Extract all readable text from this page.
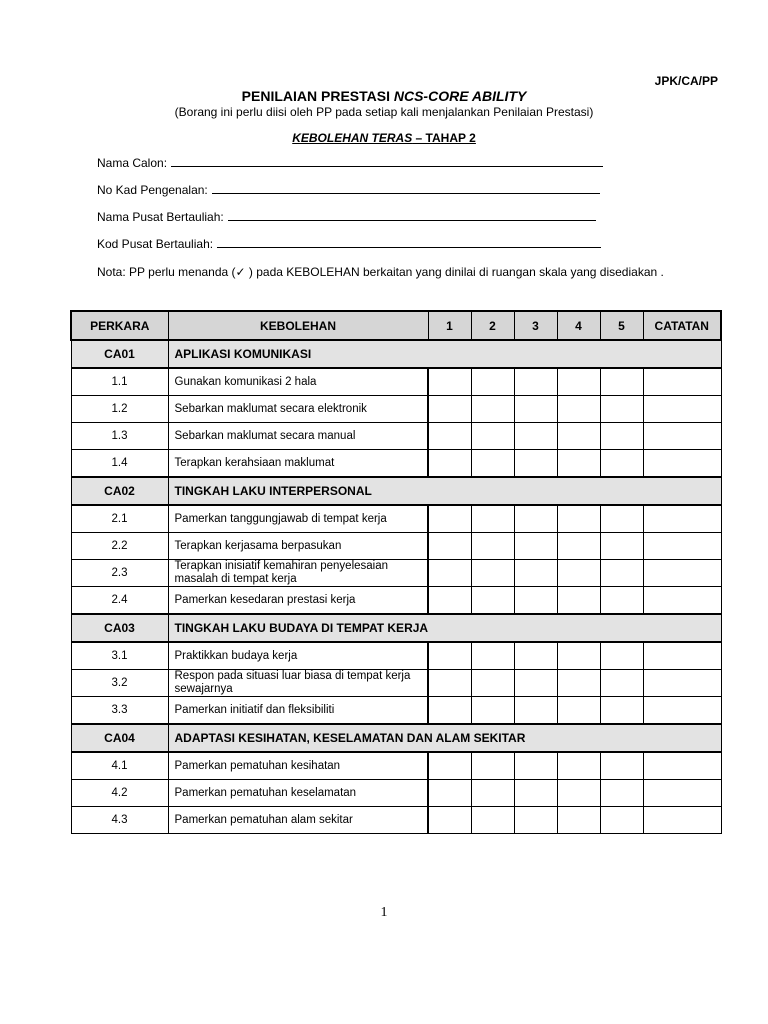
JPK/CA/PP
PENILAIAN PRESTASI NCS-CORE ABILITY
(Borang ini perlu diisi oleh PP pada setiap kali menjalankan Penilaian Prestasi)
KEBOLEHAN TERAS – TAHAP 2
Nama Calon:
No Kad Pengenalan:
Nama Pusat Bertauliah:
Kod Pusat Bertauliah:
Nota: PP perlu menanda (✓ ) pada KEBOLEHAN berkaitan yang dinilai di ruangan skala yang disediakan .
PERKARA	KEBOLEHAN	1	2	3	4	5	CATATAN
CA01	APLIKASI KOMUNIKASI						
1.1	Gunakan komunikasi 2 hala						
1.2	Sebarkan maklumat secara elektronik						
1.3	Sebarkan maklumat secara manual						
1.4	Terapkan kerahsiaan maklumat						
CA02	TINGKAH LAKU INTERPERSONAL						
2.1	Pamerkan tanggungjawab di tempat kerja						
2.2	Terapkan kerjasama berpasukan						
2.3	Terapkan inisiatif kemahiran penyelesaian masalah di tempat kerja						
2.4	Pamerkan kesedaran prestasi kerja						
CA03	TINGKAH LAKU BUDAYA DI TEMPAT KERJA						
3.1	Praktikkan budaya kerja						
3.2	Respon pada situasi luar biasa di tempat kerja sewajarnya						
3.3	Pamerkan initiatif dan fleksibiliti						
CA04	ADAPTASI KESIHATAN, KESELAMATAN DAN ALAM SEKITAR						
4.1	Pamerkan pematuhan kesihatan						
4.2	Pamerkan pematuhan keselamatan						
4.3	Pamerkan pematuhan alam sekitar						
1
